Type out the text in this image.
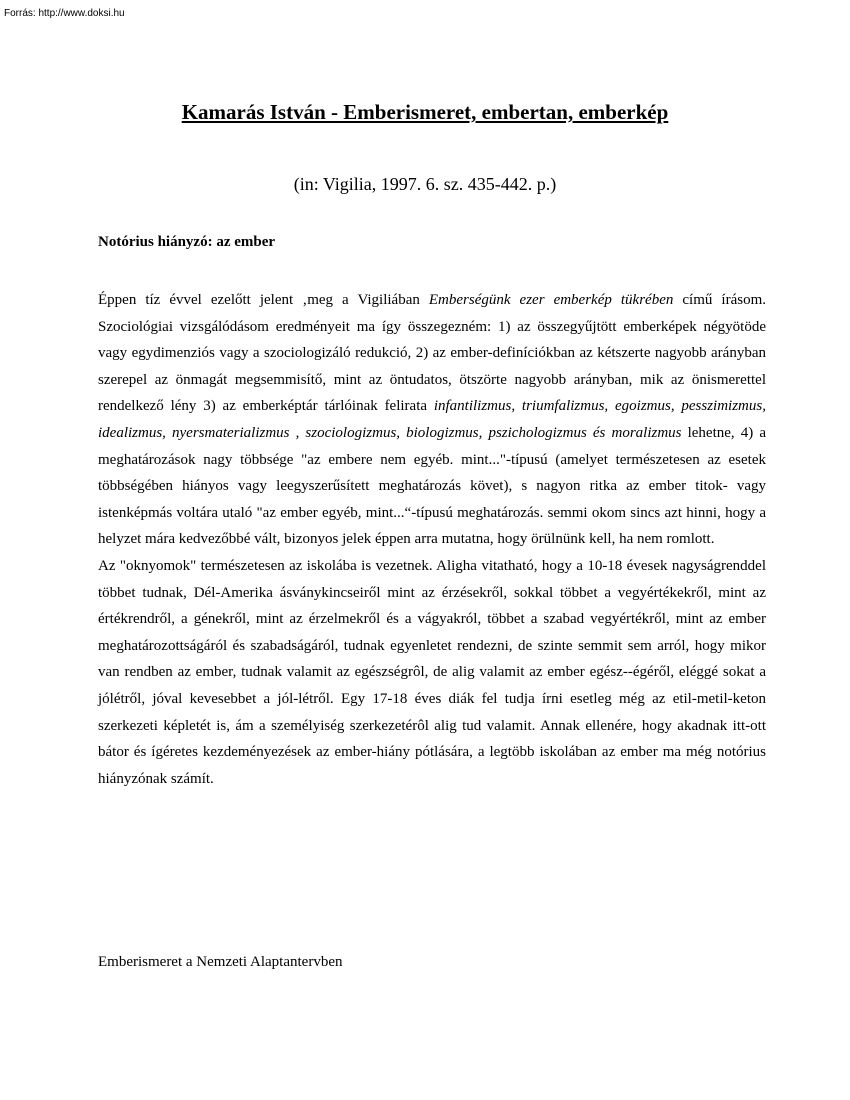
Forrás: http://www.doksi.hu
Kamarás István - Emberismeret, embertan, emberkép
(in: Vigilia, 1997. 6. sz. 435-442. p.)
Notórius hiányzó: az ember

Éppen tíz évvel ezelőtt jelent ‚meg a Vigiliában Emberségünk ezer emberkép tükrében című írásom. Szociológiai vizsgálódásom eredményeit ma így összegezném: 1) az összegyűjtött emberképek négyötöde vagy egydimenziós vagy a szociologizáló redukció, 2) az ember-definíciókban az kétszerte nagyobb arányban szerepel az önmagát megsemmisítő, mint az öntudatos, ötszörte nagyobb arányban, mik az önismerettel rendelkező lény 3) az emberképtár tárlóinak felirata infantilizmus, triumfalizmus, egoizmus, pesszimizmus, idealizmus, nyersmaterializmus , szociologizmus, biologizmus, pszichologizmus és moralizmus lehetne, 4) a meghatározások nagy többsége "az embere nem egyéb. mint..."-típusú (amelyet természetesen az esetek többségében hiányos vagy leegyszerűsített meghatározás követ), s nagyon ritka az ember titok- vagy istenképmás voltára utaló "az ember egyéb, mint...“-típusú meghatározás. semmi okom sincs azt hinni, hogy a helyzet mára kedvezőbbé vált, bizonyos jelek éppen arra mutatna, hogy örülnünk kell, ha nem romlott.

Az "oknyomok" természetesen az iskolába is vezetnek. Aligha vitatható, hogy a 10-18 évesek nagyságrenddel többet tudnak, Dél-Amerika ásványkincseiről mint az érzésekről, sokkal többet a vegyértékekről, mint az értékrendről, a génekről, mint az érzelmekről és a vágyakról, többet a szabad vegyértékről, mint az ember meghatározottságáról és szabadságáról, tudnak egyenletet rendezni, de szinte semmit sem arról, hogy mikor van rendben az ember, tudnak valamit az egészségrôl, de alig valamit az ember egész--égéről, eléggé sokat a jólétről, jóval kevesebbet a jól-létről. Egy 17-18 éves diák fel tudja írni esetleg még az etil-metil-keton szerkezeti képletét is, ám a személyiség szerkezetérôl alig tud valamit. Annak ellenére, hogy akadnak itt-ott bátor és ígéretes kezdeményezések az ember-hiány pótlására, a legtöbb iskolában az ember ma még notórius hiányzónak számít.

Emberismeret a Nemzeti Alaptantervben
